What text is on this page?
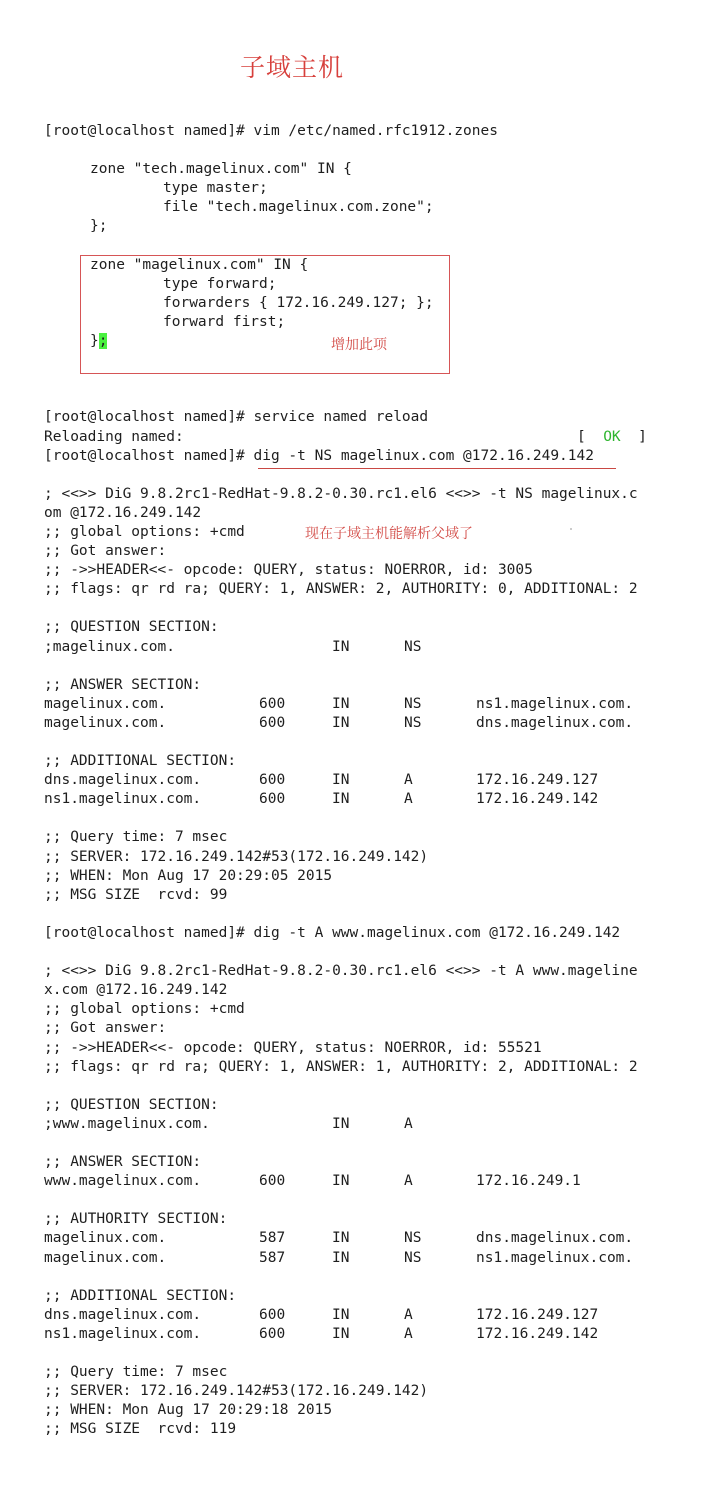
子域主机
增加此项
现在子域主机能解析父域了
[root@localhost named]# vim /etc/named.rfc1912.zones
zone "tech.magelinux.com" IN {
type master;
file "tech.magelinux.com.zone";
};
zone "magelinux.com" IN {
type forward;
forwarders { 172.16.249.127; };
forward first;
};
[root@localhost named]# service named reload
Reloading named:	[ OK ]
[root@localhost named]# dig -t NS magelinux.com @172.16.249.142
; <<>> DiG 9.8.2rc1-RedHat-9.8.2-0.30.rc1.el6 <<>> -t NS magelinux.c
om @172.16.249.142
;; global options: +cmd
;; Got answer:
;; ->>HEADER<<- opcode: QUERY, status: NOERROR, id: 3005
;; flags: qr rd ra; QUERY: 1, ANSWER: 2, AUTHORITY: 0, ADDITIONAL: 2
;; QUESTION SECTION:
;magelinux.com.	IN	NS
;; ANSWER SECTION:
magelinux.com.	600	IN	NS	ns1.magelinux.com.
magelinux.com.	600	IN	NS	dns.magelinux.com.
;; ADDITIONAL SECTION:
dns.magelinux.com.	600	IN	A	172.16.249.127
ns1.magelinux.com.	600	IN	A	172.16.249.142
;; Query time: 7 msec
;; SERVER: 172.16.249.142#53(172.16.249.142)
;; WHEN: Mon Aug 17 20:29:05 2015
;; MSG SIZE  rcvd: 99
[root@localhost named]# dig -t A www.magelinux.com @172.16.249.142
; <<>> DiG 9.8.2rc1-RedHat-9.8.2-0.30.rc1.el6 <<>> -t A www.mageline
x.com @172.16.249.142
;; global options: +cmd
;; Got answer:
;; ->>HEADER<<- opcode: QUERY, status: NOERROR, id: 55521
;; flags: qr rd ra; QUERY: 1, ANSWER: 1, AUTHORITY: 2, ADDITIONAL: 2
;; QUESTION SECTION:
;www.magelinux.com.	IN	A
;; ANSWER SECTION:
www.magelinux.com.	600	IN	A	172.16.249.1
;; AUTHORITY SECTION:
magelinux.com.	587	IN	NS	dns.magelinux.com.
magelinux.com.	587	IN	NS	ns1.magelinux.com.
;; ADDITIONAL SECTION:
dns.magelinux.com.	600	IN	A	172.16.249.127
ns1.magelinux.com.	600	IN	A	172.16.249.142
;; Query time: 7 msec
;; SERVER: 172.16.249.142#53(172.16.249.142)
;; WHEN: Mon Aug 17 20:29:18 2015
;; MSG SIZE  rcvd: 119
